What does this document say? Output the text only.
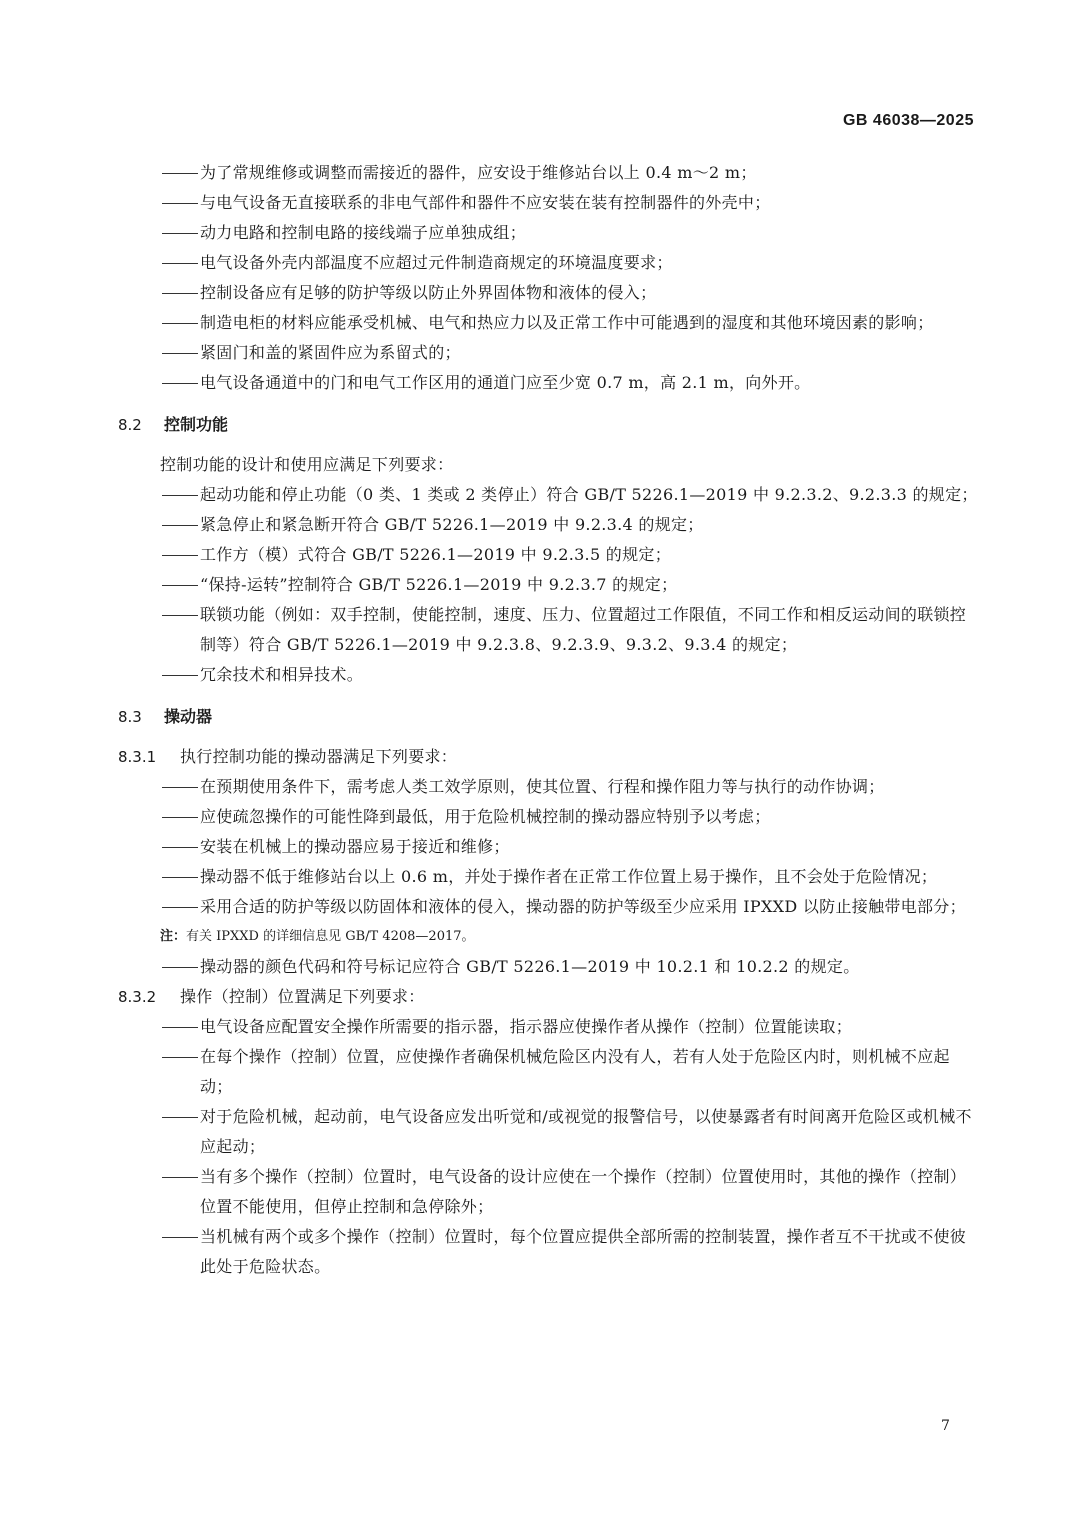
GB 46038—2025
为了常规维修或调整而需接近的器件，应安设于维修站台以上 0.4 m～2 m；
与电气设备无直接联系的非电气部件和器件不应安装在装有控制器件的外壳中；
动力电路和控制电路的接线端子应单独成组；
电气设备外壳内部温度不应超过元件制造商规定的环境温度要求；
控制设备应有足够的防护等级以防止外界固体物和液体的侵入；
制造电柜的材料应能承受机械、电气和热应力以及正常工作中可能遇到的湿度和其他环境因素的影响；
紧固门和盖的紧固件应为系留式的；
电气设备通道中的门和电气工作区用的通道门应至少宽 0.7 m，高 2.1 m，向外开。
8.2 控制功能
控制功能的设计和使用应满足下列要求：
起动功能和停止功能（0 类、1 类或 2 类停止）符合 GB/T 5226.1—2019 中 9.2.3.2、9.2.3.3 的规定；
紧急停止和紧急断开符合 GB/T 5226.1—2019 中 9.2.3.4 的规定；
工作方（模）式符合 GB/T 5226.1—2019 中 9.2.3.5 的规定；
“保持-运转”控制符合 GB/T 5226.1—2019 中 9.2.3.7 的规定；
联锁功能（例如：双手控制，使能控制，速度、压力、位置超过工作限值，不同工作和相反运动间的联锁控制等）符合 GB/T 5226.1—2019 中 9.2.3.8、9.2.3.9、9.3.2、9.3.4 的规定；
冗余技术和相异技术。
8.3 操动器
8.3.1	执行控制功能的操动器满足下列要求：
在预期使用条件下，需考虑人类工效学原则，使其位置、行程和操作阻力等与执行的动作协调；
应使疏忽操作的可能性降到最低，用于危险机械控制的操动器应特别予以考虑；
安装在机械上的操动器应易于接近和维修；
操动器不低于维修站台以上 0.6 m，并处于操作者在正常工作位置上易于操作，且不会处于危险情况；
采用合适的防护等级以防固体和液体的侵入，操动器的防护等级至少应采用 IPXXD 以防止接触带电部分；
注：有关 IPXXD 的详细信息见 GB/T 4208—2017。
操动器的颜色代码和符号标记应符合 GB/T 5226.1—2019 中 10.2.1 和 10.2.2 的规定。
8.3.2	操作（控制）位置满足下列要求：
电气设备应配置安全操作所需要的指示器，指示器应使操作者从操作（控制）位置能读取；
在每个操作（控制）位置，应使操作者确保机械危险区内没有人，若有人处于危险区内时，则机械不应起动；
对于危险机械，起动前，电气设备应发出听觉和/或视觉的报警信号，以使暴露者有时间离开危险区或机械不应起动；
当有多个操作（控制）位置时，电气设备的设计应使在一个操作（控制）位置使用时，其他的操作（控制）位置不能使用，但停止控制和急停除外；
当机械有两个或多个操作（控制）位置时，每个位置应提供全部所需的控制装置，操作者互不干扰或不使彼此处于危险状态。
7
